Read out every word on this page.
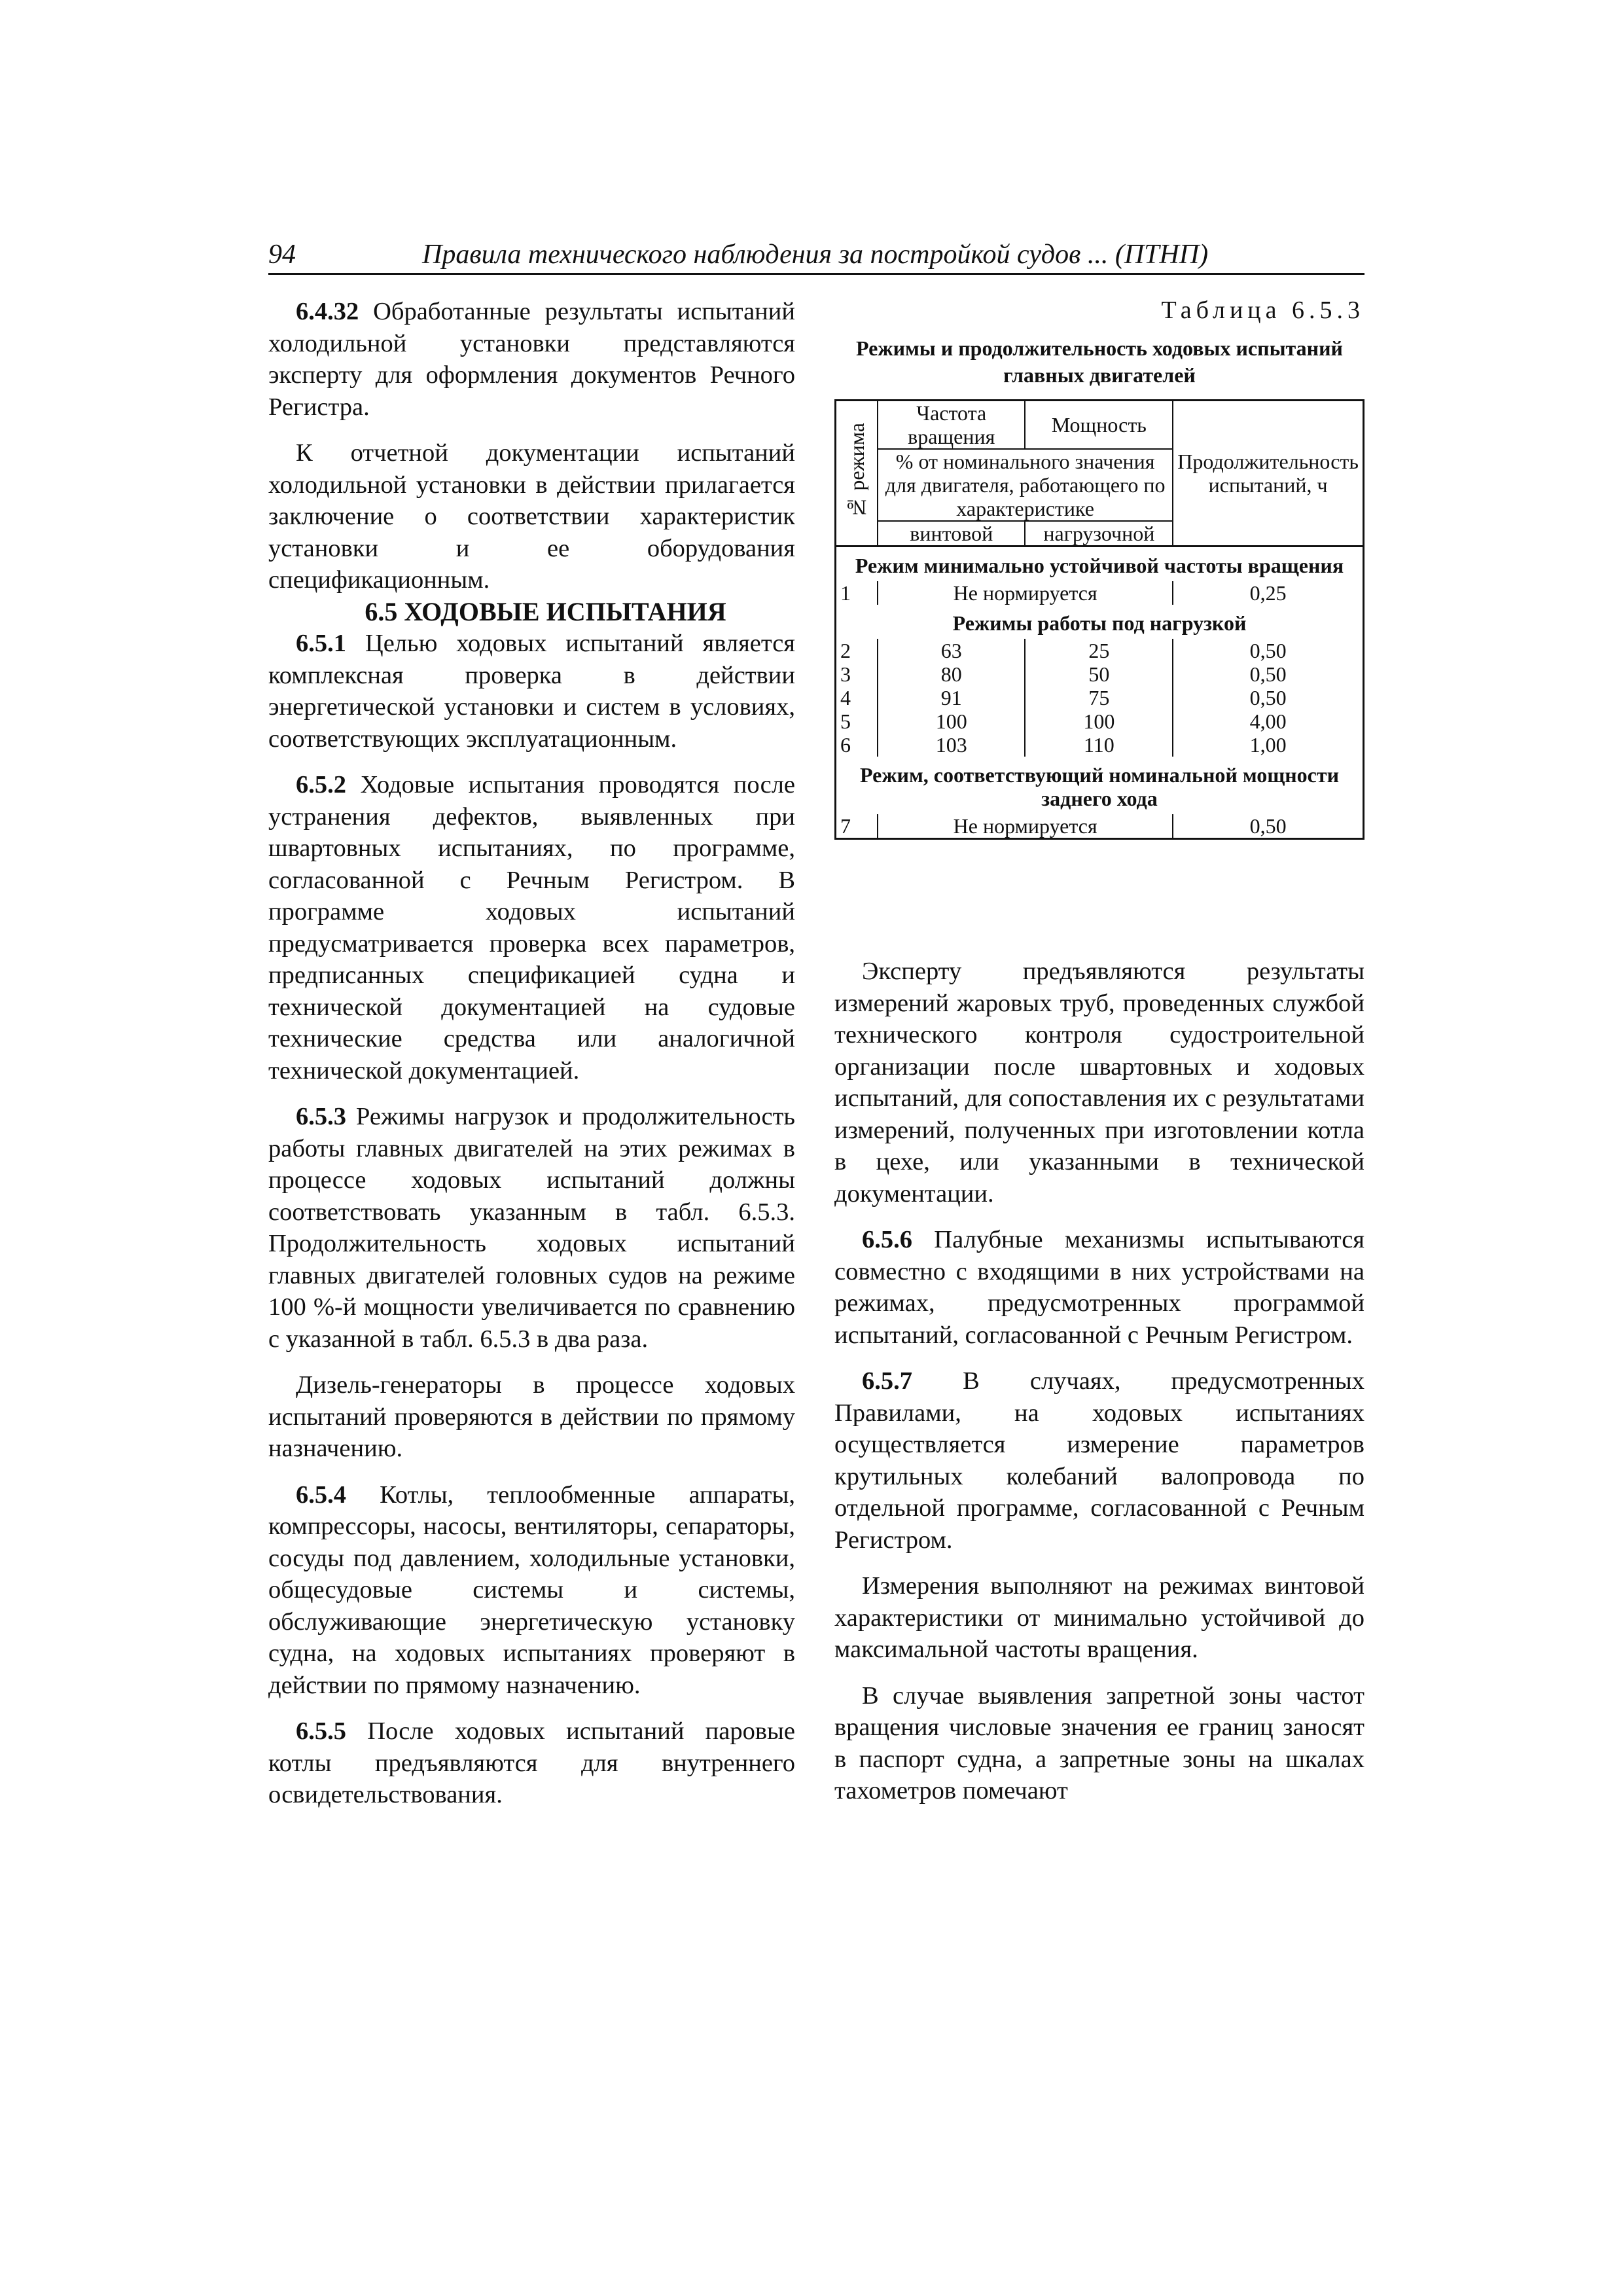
94	Правила технического наблюдения за постройкой судов ... (ПТНП)

6.4.32 Обработанные результаты испытаний холодильной установки представляются эксперту для оформления документов Речного Регистра.

К отчетной документации испытаний холодильной установки в действии прилагается заключение о соответствии характеристик установки и ее оборудования спецификационным.

6.5 ХОДОВЫЕ ИСПЫТАНИЯ

6.5.1 Целью ходовых испытаний является комплексная проверка в действии энергетической установки и систем в условиях, соответствующих эксплуатационным.

6.5.2 Ходовые испытания проводятся после устранения дефектов, выявленных при швартовных испытаниях, по программе, согласованной с Речным Регистром. В программе ходовых испытаний предусматривается проверка всех параметров, предписанных спецификацией судна и технической документацией на судовые технические средства или аналогичной технической документацией.

6.5.3 Режимы нагрузок и продолжительность работы главных двигателей на этих режимах в процессе ходовых испытаний должны соответствовать указанным в табл. 6.5.3. Продолжительность ходовых испытаний главных двигателей головных судов на режиме 100 %-й мощности увеличивается по сравнению с указанной в табл. 6.5.3 в два раза.

Дизель-генераторы в процессе ходовых испытаний проверяются в действии по прямому назначению.

6.5.4 Котлы, теплообменные аппараты, компрессоры, насосы, вентиляторы, сепараторы, сосуды под давлением, холодильные установки, общесудовые системы и системы, обслуживающие энергетическую установку судна, на ходовых испытаниях проверяют в действии по прямому назначению.

6.5.5 После ходовых испытаний паровые котлы предъявляются для внутреннего освидетельствования.

Таблица 6.5.3
Режимы и продолжительность ходовых испытаний главных двигателей
№ режима	Частота вращения	Мощность	Продолжительность испытаний, ч
	% от номинального значения для двигателя, работающего по характеристике		
	винтовой	нагрузочной	
Режим минимально устойчивой частоты вращения			
1	Не нормируется		0,25
Режимы работы под нагрузкой			
2	63	25	0,50
3	80	50	0,50
4	91	75	0,50
5	100	100	4,00
6	103	110	1,00
Режим, соответствующий номинальной мощности заднего хода			
7	Не нормируется		0,50

Эксперту предъявляются результаты измерений жаровых труб, проведенных службой технического контроля судостроительной организации после швартовных и ходовых испытаний, для сопоставления их с результатами измерений, полученных при изготовлении котла в цехе, или указанными в технической документации.

6.5.6 Палубные механизмы испытываются совместно с входящими в них устройствами на режимах, предусмотренных программой испытаний, согласованной с Речным Регистром.

6.5.7 В случаях, предусмотренных Правилами, на ходовых испытаниях осуществляется измерение параметров крутильных колебаний валопровода по отдельной программе, согласованной с Речным Регистром.

Измерения выполняют на режимах винтовой характеристики от минимально устойчивой до максимальной частоты вращения.

В случае выявления запретной зоны частот вращения числовые значения ее границ заносят в паспорт судна, а запретные зоны на шкалах тахометров помечают
